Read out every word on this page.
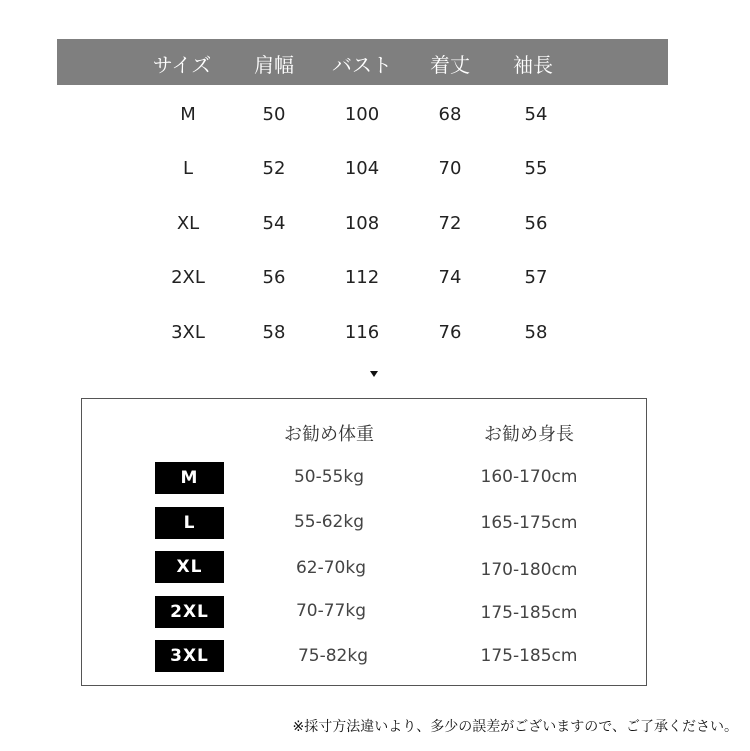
サイズ 肩幅 バスト 着丈 袖長
M	50	100	68	54
L	52	104	70	55
XL	54	108	72	56
2XL	56	112	74	57
3XL	58	116	76	58
お勧め体重	お勧め身長
M	50-55kg	160-170cm
L	55-62kg	165-175cm
XL	62-70kg	170-180cm
2XL	70-77kg	175-185cm
3XL	75-82kg	175-185cm
※採寸方法違いより、多少の誤差がございますので、ご了承ください。
